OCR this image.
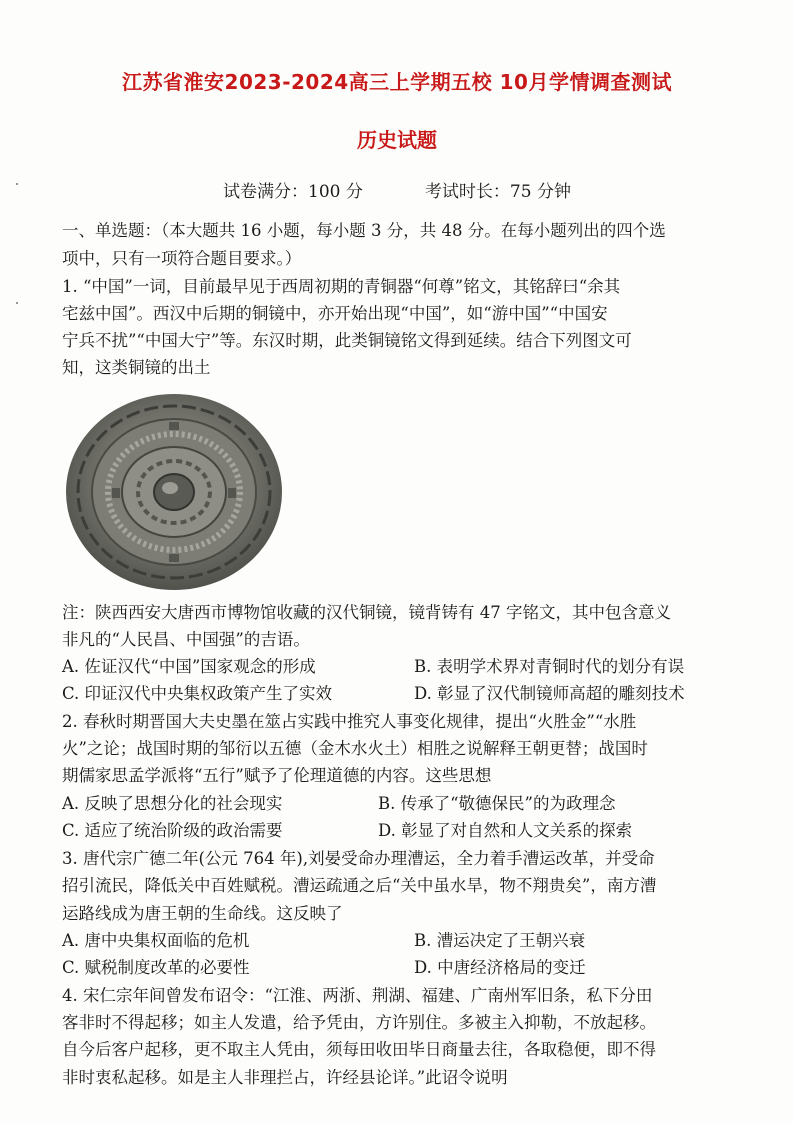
江苏省淮安2023-2024高三上学期五校 10月学情调查测试
历史试题
试卷满分：100 分	考试时长：75 分钟
一、单选题：（本大题共 16 小题，每小题 3 分，共 48 分。在每小题列出的四个选
项中，只有一项符合题目要求。）
1. “中国”一词，目前最早见于西周初期的青铜器“何尊”铭文，其铭辞曰“余其
宅兹中国”。西汉中后期的铜镜中，亦开始出现“中国”，如“游中国”“中国安
宁兵不扰”“中国大宁”等。东汉时期，此类铜镜铭文得到延续。结合下列图文可
知，这类铜镜的出土
注：陕西西安大唐西市博物馆收藏的汉代铜镜，镜背铸有 47 字铭文，其中包含意义
非凡的“人民昌、中国强”的吉语。
A. 佐证汉代“中国”国家观念的形成	B. 表明学术界对青铜时代的划分有误
C. 印证汉代中央集权政策产生了实效	D. 彰显了汉代制镜师高超的雕刻技术
2. 春秋时期晋国大夫史墨在筮占实践中推究人事变化规律，提出“火胜金”“水胜
火”之论；战国时期的邹衍以五德（金木水火土）相胜之说解释王朝更替；战国时
期儒家思孟学派将“五行”赋予了伦理道德的内容。这些思想
A. 反映了思想分化的社会现实	B. 传承了“敬德保民”的为政理念
C. 适应了统治阶级的政治需要	D. 彰显了对自然和人文关系的探索
3. 唐代宗广德二年(公元 764 年),刘晏受命办理漕运，全力着手漕运改革，并受命
招引流民，降低关中百姓赋税。漕运疏通之后“关中虽水旱，物不翔贵矣”，南方漕
运路线成为唐王朝的生命线。这反映了
A. 唐中央集权面临的危机	B. 漕运决定了王朝兴衰
C. 赋税制度改革的必要性	D. 中唐经济格局的变迁
4. 宋仁宗年间曾发布诏令：“江淮、两浙、荆湖、福建、广南州军旧条，私下分田
客非时不得起移；如主人发遣，给予凭由，方许别住。多被主入抑勒，不放起移。
自今后客户起移，更不取主人凭由，须每田收田毕日商量去往，各取稳便，即不得
非时衷私起移。如是主人非理拦占，许经县论详。”此诏令说明
